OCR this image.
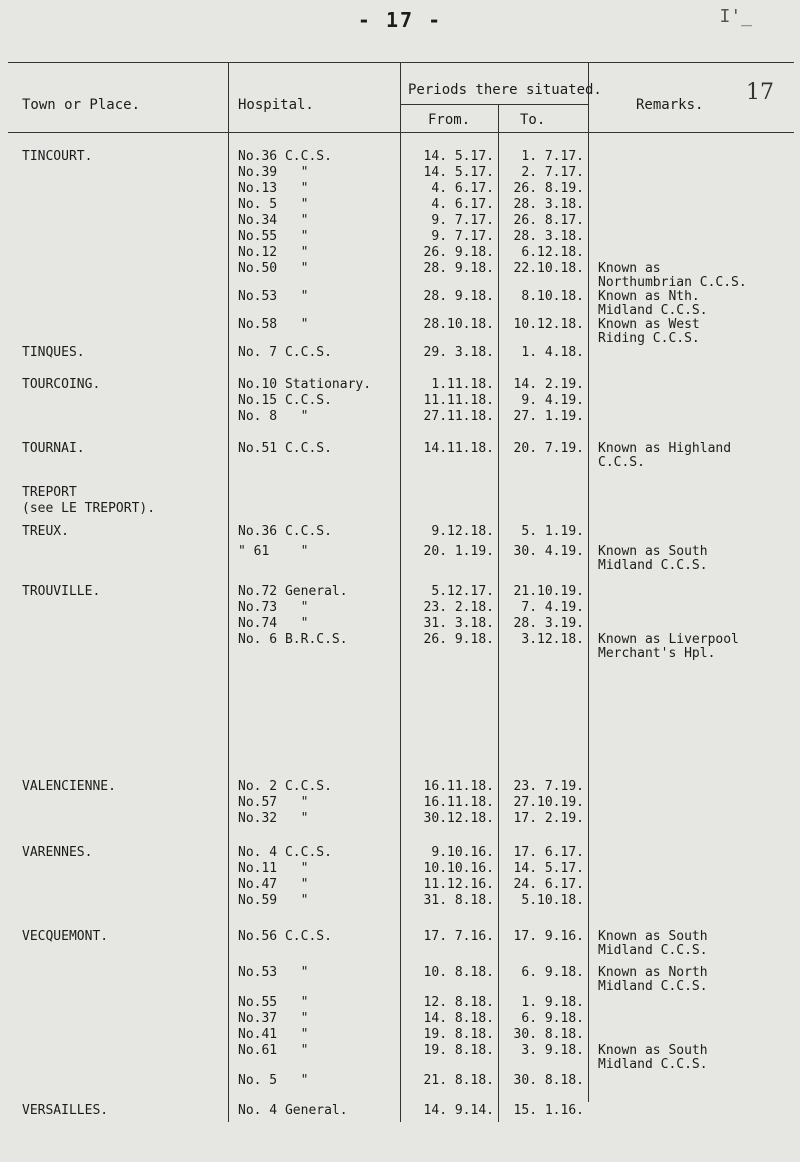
- 17 -	I'_
17
Town or Place.	Hospital.
Periods there situated.
From.	To.
Remarks.
TINCOURT.	No.36 C.C.S.	14. 5.17.	1. 7.17.
No.39   "	14. 5.17.	2. 7.17.
No.13   "	4. 6.17.	26. 8.19.
No. 5   "	4. 6.17.	28. 3.18.
No.34   "	9. 7.17.	26. 8.17.
No.55   "	9. 7.17.	28. 3.18.
No.12   "	26. 9.18.	6.12.18.
No.50   "	28. 9.18.	22.10.18. Known as
Northumbrian C.C.S.
No.53   "	28. 9.18.	8.10.18. Known as Nth.
Midland C.C.S.
No.58   "	28.10.18.	10.12.18. Known as West
Riding C.C.S.
TINQUES.	No. 7 C.C.S.	29. 3.18.	1. 4.18.
TOURCOING.	No.10 Stationary.	1.11.18.	14. 2.19.
No.15 C.C.S.	11.11.18.	9. 4.19.
No. 8   "	27.11.18.	27. 1.19.
TOURNAI.	No.51 C.C.S.	14.11.18.	20. 7.19. Known as Highland
C.C.S.
TREPORT
(see LE TREPORT).
TREUX.	No.36 C.C.S.	9.12.18.	5. 1.19.
" 61    "	20. 1.19.	30. 4.19. Known as South
Midland C.C.S.
TROUVILLE.	No.72 General.	5.12.17.	21.10.19.
No.73   "	23. 2.18.	7. 4.19.
No.74   "	31. 3.18.	28. 3.19.
No. 6 B.R.C.S.	26. 9.18.	3.12.18. Known as Liverpool
Merchant's Hpl.
VALENCIENNE.	No. 2 C.C.S.	16.11.18.	23. 7.19.
No.57   "	16.11.18.	27.10.19.
No.32   "	30.12.18.	17. 2.19.
VARENNES.	No. 4 C.C.S.	9.10.16.	17. 6.17.
No.11   "	10.10.16.	14. 5.17.
No.47   "	11.12.16.	24. 6.17.
No.59   "	31. 8.18.	5.10.18.
VECQUEMONT.	No.56 C.C.S.	17. 7.16.	17. 9.16. Known as South
Midland C.C.S.
No.53   "	10. 8.18.	6. 9.18. Known as North
Midland C.C.S.
No.55   "	12. 8.18.	1. 9.18.
No.37   "	14. 8.18.	6. 9.18.
No.41   "	19. 8.18.	30. 8.18.
No.61   "	19. 8.18.	3. 9.18. Known as South
Midland C.C.S.
No. 5   "	21. 8.18.	30. 8.18.
VERSAILLES.	No. 4 General.	14. 9.14.	15. 1.16.
